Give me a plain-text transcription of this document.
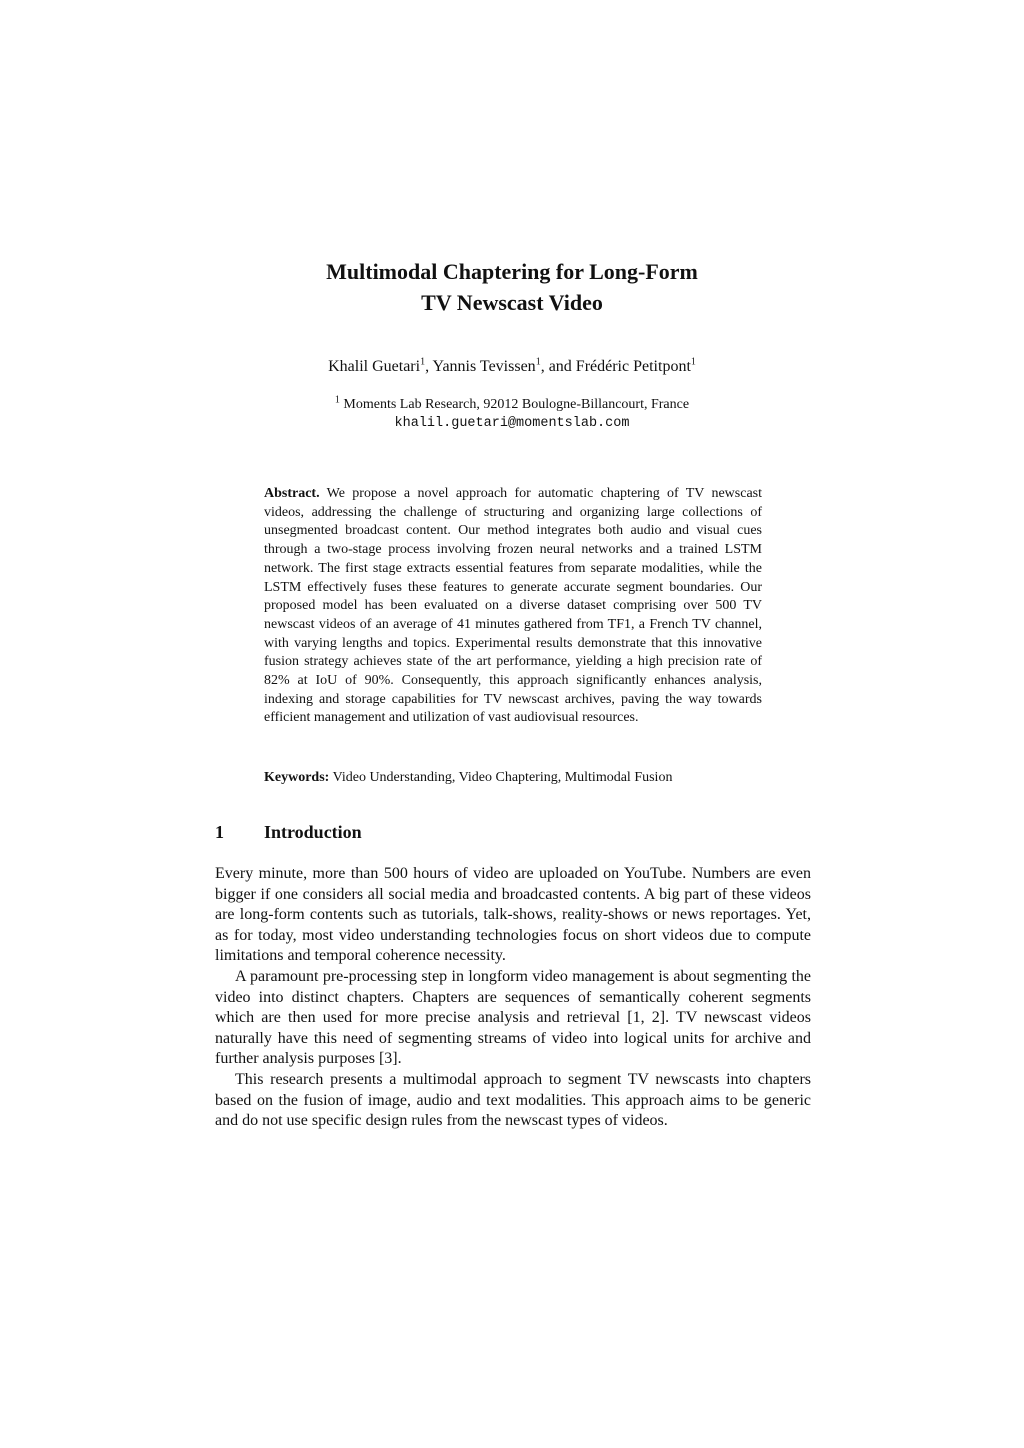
Multimodal Chaptering for Long-Form
TV Newscast Video
Khalil Guetari$^1$, Yannis Tevissen$^1$, and Frédéric Petitpont$^1$
$^1$ Moments Lab Research, 92012 Boulogne-Billancourt, France
khalil.guetari@momentslab.com

Abstract. We propose a novel approach for automatic chaptering of TV newscast videos, addressing the challenge of structuring and organizing large collections of unsegmented broadcast content. Our method integrates both audio and visual cues through a two-stage process involving frozen neural networks and a trained LSTM network. The first stage extracts essential features from separate modalities, while the LSTM effectively fuses these features to generate accurate segment boundaries. Our proposed model has been evaluated on a diverse dataset comprising over 500 TV newscast videos of an average of 41 minutes gathered from TF1, a French TV channel, with varying lengths and topics. Experimental results demonstrate that this innovative fusion strategy achieves state of the art performance, yielding a high precision rate of 82% at IoU of 90%. Consequently, this approach significantly enhances analysis, indexing and storage capabilities for TV newscast archives, paving the way towards efficient management and utilization of vast audiovisual resources.

Keywords: Video Understanding, Video Chaptering, Multimodal Fusion

1 Introduction

Every minute, more than 500 hours of video are uploaded on YouTube. Numbers are even bigger if one considers all social media and broadcasted contents. A big part of these videos are long-form contents such as tutorials, talk-shows, reality-shows or news reportages. Yet, as for today, most video understanding technologies focus on short videos due to compute limitations and temporal coherence necessity.

A paramount pre-processing step in longform video management is about segmenting the video into distinct chapters. Chapters are sequences of semantically coherent segments which are then used for more precise analysis and retrieval [1, 2]. TV newscast videos naturally have this need of segmenting streams of video into logical units for archive and further analysis purposes [3].

This research presents a multimodal approach to segment TV newscasts into chapters based on the fusion of image, audio and text modalities. This approach aims to be generic and do not use specific design rules from the newscast types of videos.
